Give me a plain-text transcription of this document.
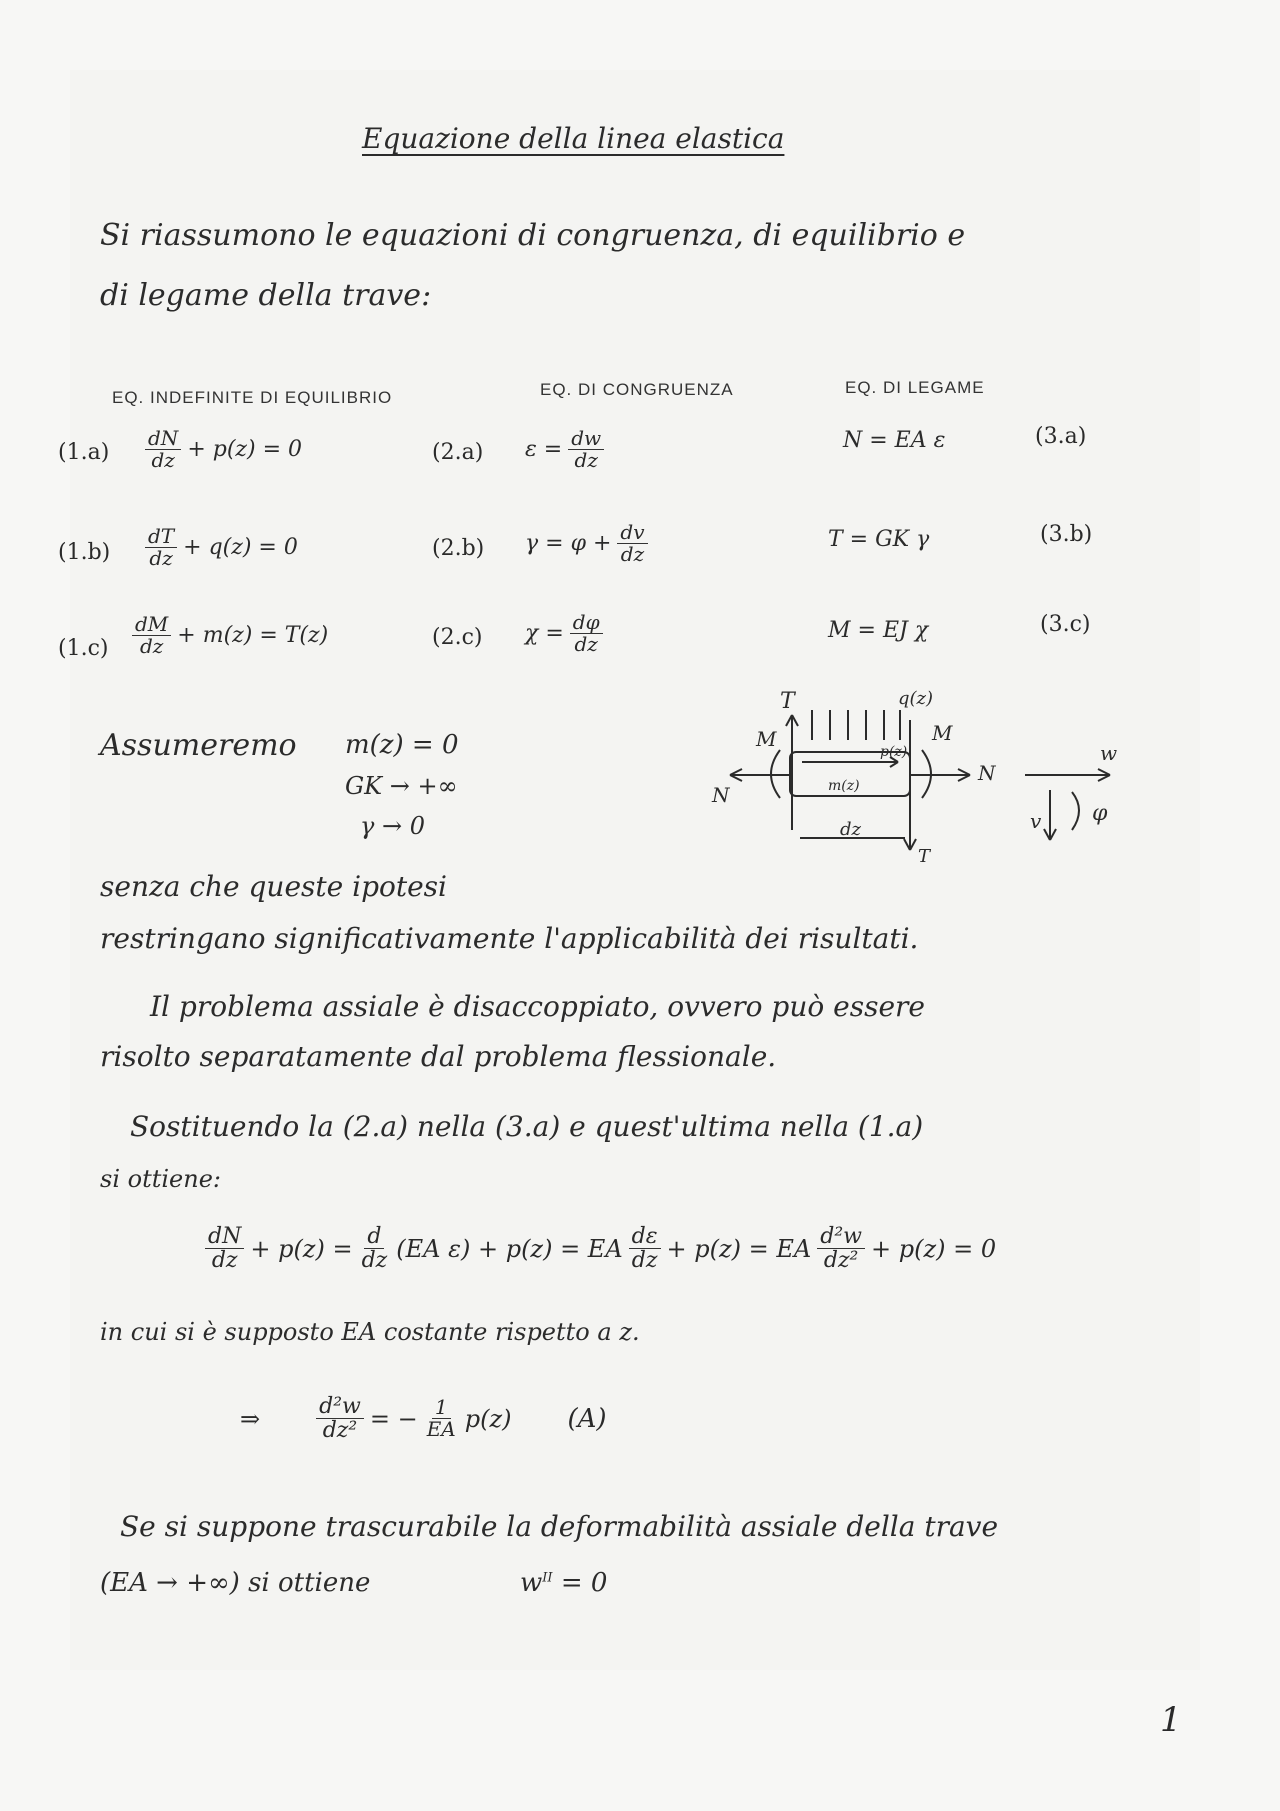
Equazione della linea elastica
Si riassumono le equazioni di congruenza, di equilibrio e
di legame della trave:
EQ. INDEFINITE DI EQUILIBRIO	EQ. DI CONGRUENZA	EQ. DI LEGAME
$(1.a) \frac{dN}{dz} + p(z) = 0$	(2.a) $\varepsilon = \frac{dw}{dz}$	N = EA ε	(3.a)
$(1.b) \frac{dT}{dz} + q(z) = 0$	(2.b) $\gamma = \varphi + \frac{dv}{dz}$	T = GK γ	(3.b)
$(1.c) \frac{dM}{dz} + m(z) = T(z)$	(2.c) $\chi = \frac{d\varphi}{dz}$	M = EJ χ	(3.c)
Assumeremo m(z) = 0
GK → +∞
γ → 0
T	q(z)
M	M
p(z)
m(z)
N
N
dz
T
w
v φ
senza che queste ipotesi
restringano significativamente l'applicabilità dei risultati.
Il problema assiale è disaccoppiato, ovvero può essere
risolto separatamente dal problema flessionale.
Sostituendo la (2.a) nella (3.a) e quest'ultima nella (1.a)
si ottiene:
$\frac{dN}{dz} + p(z) = \frac{d}{dz} (EA$ ε) + p(z) = EA $\frac{d\varepsilon}{dz} + p(z)$ = EA $\frac{\text{d²w}}{\text{dz²}} + p(z) = 0$
in cui si è supposto EA costante rispetto a z.
⇒	$\frac{\text{d²w}}{\text{dz²}}$ = − $\frac{1}{EA} p(z)$ (A)
Se si suppone trascurabile la deformabilità assiale della trave
(EA → +∞) si ottiene	$w^{II} = 0$
1
